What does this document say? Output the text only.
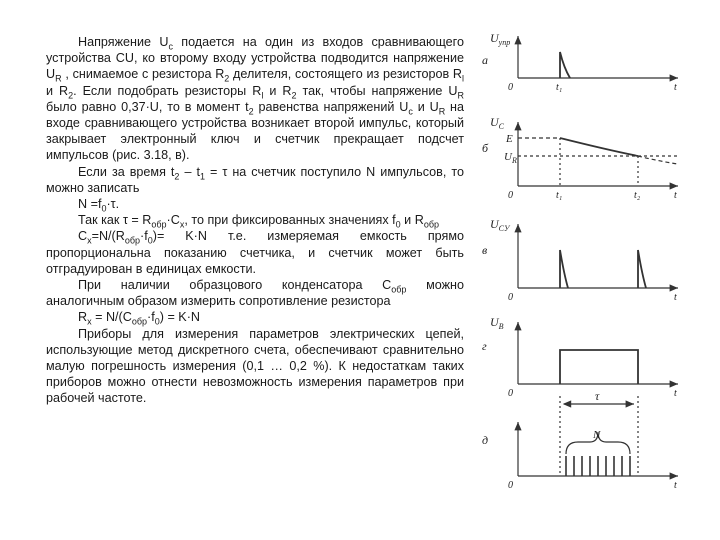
Напряжение $U_c$ подается на один из входов сравнивающего устройства CU, ко второму входу устройства подводится напряжение $U_R$ , снимаемое с резистора $R_2$ делителя, состоящего из резисторов $R_l$ и $R_2$. Если подобрать резисторы $R_l$ и $R_2$ так, чтобы напряжение $U_R$ было равно 0,37·U, то в момент $t_2$ равенства напряжений $U_c$ и $U_R$ на входе сравнивающего устройства возникает второй импульс, который закрывает электронный ключ и счетчик прекращает подсчет импульсов (рис. 3.18, в).

Если за время $t_2 - t_1 = \tau$ на счетчик поступило N импульсов, то можно записать

$N =f_0\cdot\tau$.

Так как $\tau = R_{обр}\cdot C_x$, то при фиксированных значениях $f_0$ и $R_{обр}$

$C_x=N/(R_{обр}\cdot f_0)= K\cdot N$ т.е. измеряемая емкость прямо пропорциональна показанию счетчика, и счетчик может быть отградуирован в единицах емкости.

При наличии образцового конденсатора $C_{обр}$ можно аналогичным образом измерить сопротивление резистора

$R_x = N/(C_{обр}\cdot f_0) = K\cdot N$

Приборы для измерения параметров электрических цепей, использующие метод дискретного счета, обеспечивают сравнительно малую погрешность измерения (0,1 … 0,2 %). К недостаткам таких приборов можно отнести невозможность измерения параметров при рабочей частоте.

а
$U_{упр}$
0	t₁	t
б
$U_C$
E
$U_R$
0	t₁	t₂	t
в
$U_{CУ}$
0	t
г
$U_B$
0	t
д
τ
N
0	t
